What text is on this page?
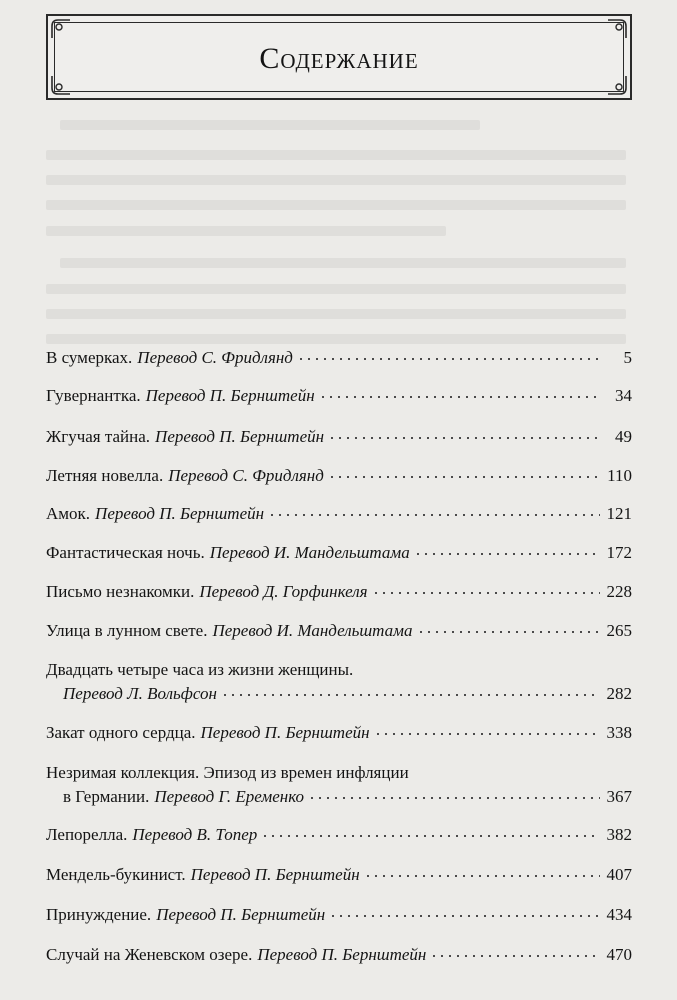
Содержание
В сумерках. Перевод С. Фридлянд	5
Гувернантка. Перевод П. Бернштейн	34
Жгучая тайна. Перевод П. Бернштейн	49
Летняя новелла. Перевод С. Фридлянд	110
Амок. Перевод П. Бернштейн	121
Фантастическая ночь. Перевод И. Мандельштама	172
Письмо незнакомки. Перевод Д. Горфинкеля	228
Улица в лунном свете. Перевод И. Мандельштама	265
Двадцать четыре часа из жизни женщины.
Перевод Л. Вольфсон	282
Закат одного сердца. Перевод П. Бернштейн	338
Незримая коллекция. Эпизод из времен инфляции
в Германии. Перевод Г. Еременко	367
Лепорелла. Перевод В. Топер	382
Мендель-букинист. Перевод П. Бернштейн	407
Принуждение. Перевод П. Бернштейн	434
Случай на Женевском озере. Перевод П. Бернштейн	470
